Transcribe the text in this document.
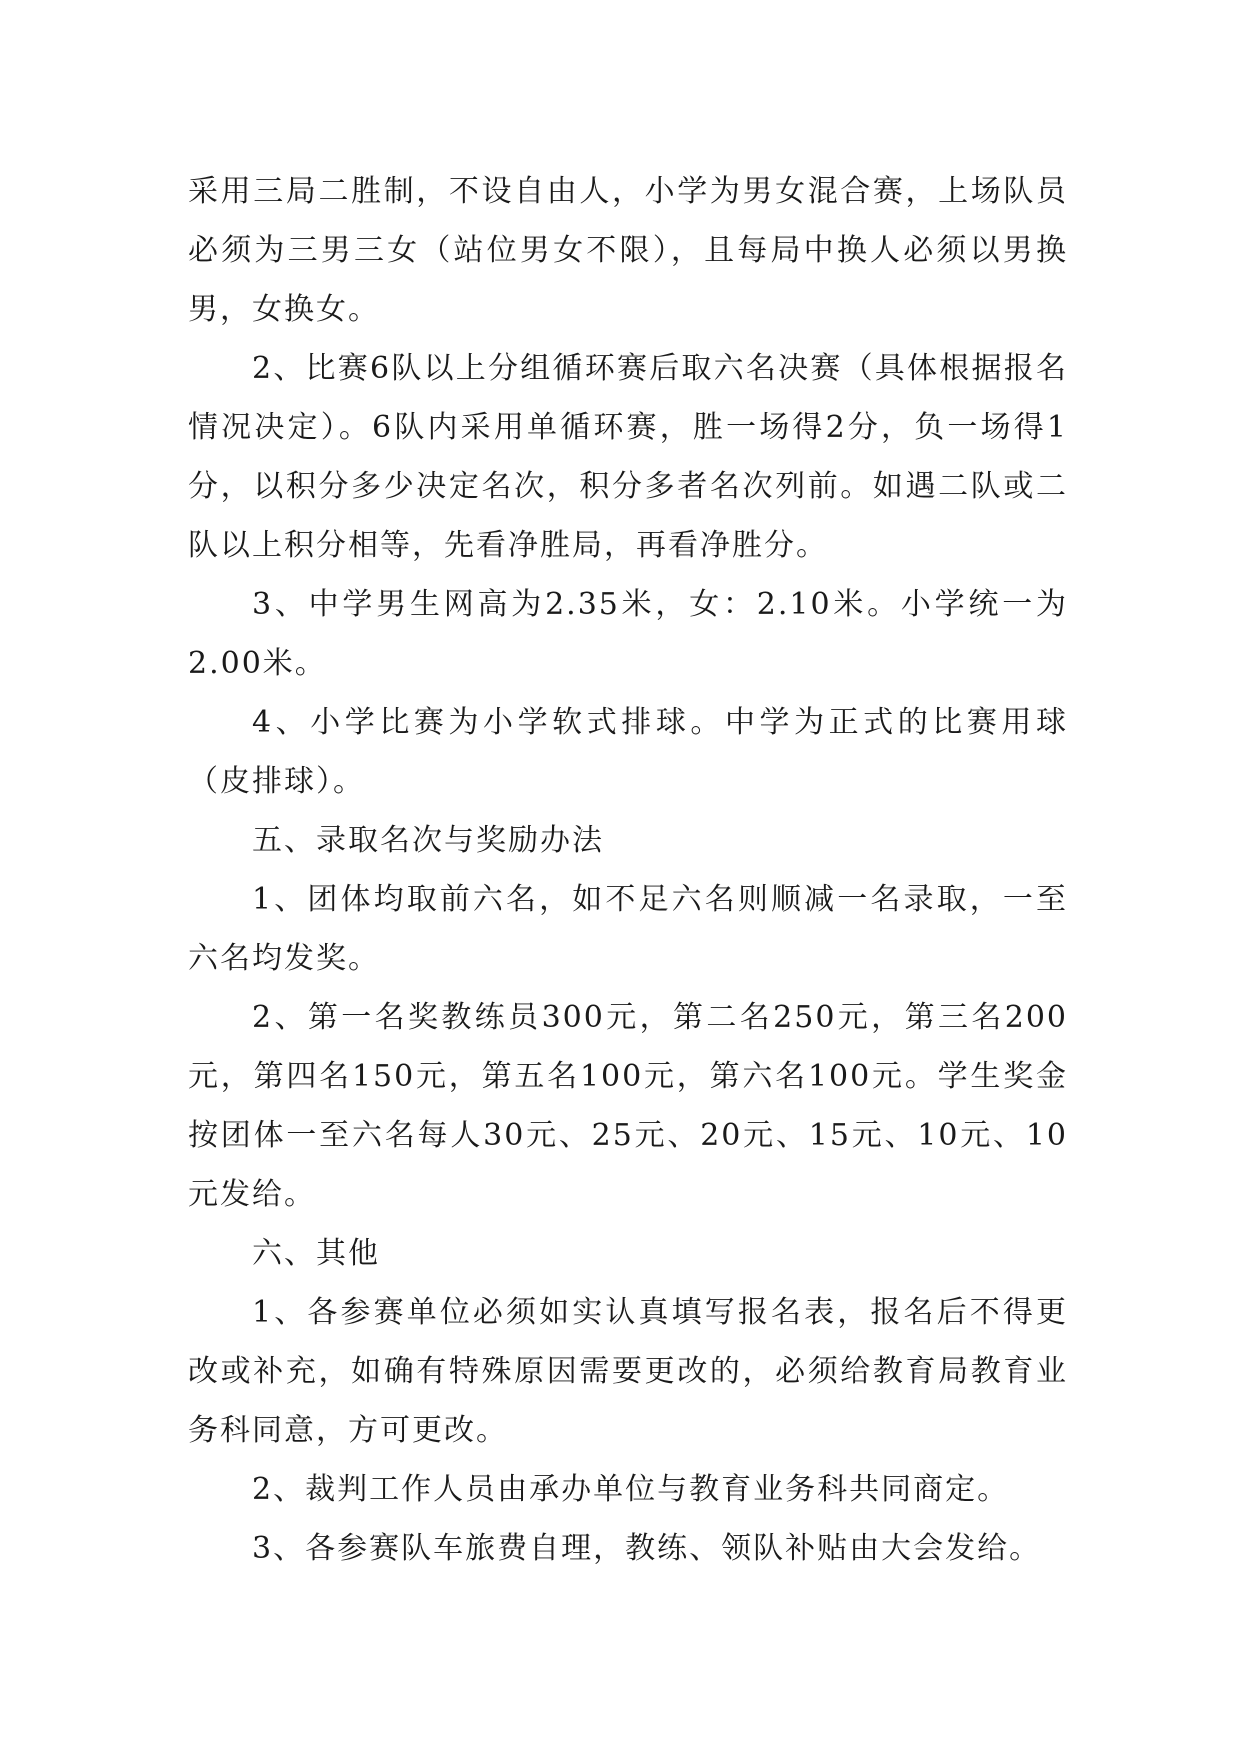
采用三局二胜制，不设自由人，小学为男女混合赛，上场队员必须为三男三女（站位男女不限），且每局中换人必须以男换男，女换女。

2、比赛6队以上分组循环赛后取六名决赛（具体根据报名情况决定）。6队内采用单循环赛，胜一场得2分，负一场得1分，以积分多少决定名次，积分多者名次列前。如遇二队或二队以上积分相等，先看净胜局，再看净胜分。

3、中学男生网高为2.35米，女：2.10米。小学统一为2.00米。

4、小学比赛为小学软式排球。中学为正式的比赛用球（皮排球）。

五、录取名次与奖励办法

1、团体均取前六名，如不足六名则顺减一名录取，一至六名均发奖。

2、第一名奖教练员300元，第二名250元，第三名200元，第四名150元，第五名100元，第六名100元。学生奖金按团体一至六名每人30元、25元、20元、15元、10元、10元发给。

六、其他

1、各参赛单位必须如实认真填写报名表，报名后不得更改或补充，如确有特殊原因需要更改的，必须给教育局教育业务科同意，方可更改。

2、裁判工作人员由承办单位与教育业务科共同商定。

3、各参赛队车旅费自理，教练、领队补贴由大会发给。
